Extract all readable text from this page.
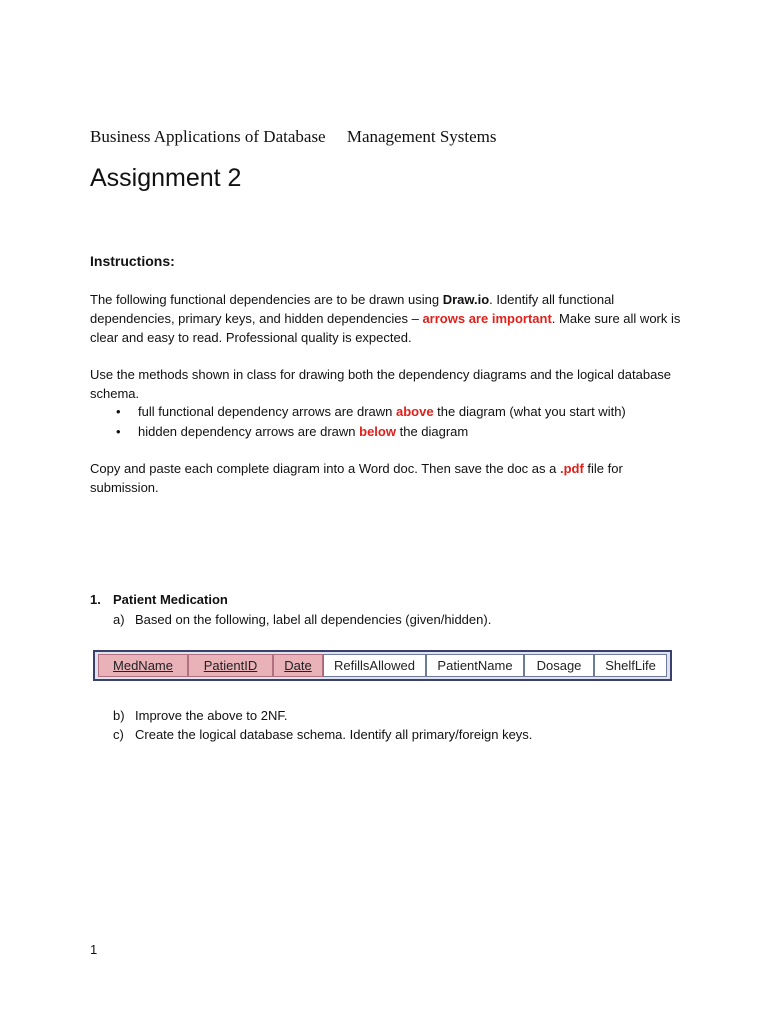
Business Applications of Database     Management Systems
Assignment 2
Instructions:
The following functional dependencies are to be drawn using Draw.io. Identify all functional dependencies, primary keys, and hidden dependencies – arrows are important. Make sure all work is clear and easy to read. Professional quality is expected.
Use the methods shown in class for drawing both the dependency diagrams and the logical database schema.
• full functional dependency arrows are drawn above the diagram (what you start with)
• hidden dependency arrows are drawn below the diagram
Copy and paste each complete diagram into a Word doc. Then save the doc as a .pdf file for submission.
1. Patient Medication
a) Based on the following, label all dependencies (given/hidden).
MedName	PatientID	Date	RefillsAllowed	PatientName	Dosage	ShelfLife
b) Improve the above to 2NF.
c) Create the logical database schema. Identify all primary/foreign keys.
1
